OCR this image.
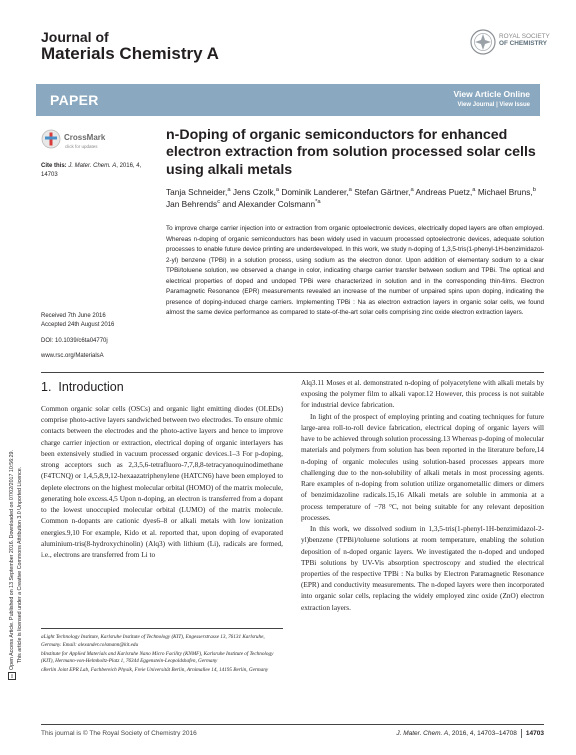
Journal of
Materials Chemistry A
ROYAL SOCIETY
OF CHEMISTRY
PAPER	View Article Online
View Journal | View Issue
CrossMark
click for updates
Cite this: J. Mater. Chem. A, 2016, 4, 14703
n-Doping of organic semiconductors for enhanced electron extraction from solution processed solar cells using alkali metals
Tanja Schneider,$^a$ Jens Czolk,$^a$ Dominik Landerer,$^a$ Stefan Gärtner,$^a$ Andreas Puetz,$^a$ Michael Bruns,$^b$ Jan Behrends$^c$ and Alexander Colsmann$^{*a}$
To improve charge carrier injection into or extraction from organic optoelectronic devices, electrically doped layers are often employed. Whereas n-doping of organic semiconductors has been widely used in vacuum processed optoelectronic devices, adequate solution processes to enable future device printing are underdeveloped. In this work, we study n-doping of 1,3,5-tris(1-phenyl-1H-benzimidazol-2-yl) benzene (TPBi) in a solution process, using sodium as the electron donor. Upon addition of elementary sodium to a clear TPBi/toluene solution, we observed a change in color, indicating charge carrier transfer between sodium and TPBi. The optical and electrical properties of doped and undoped TPBi were characterized in solution and in the corresponding thin-films. Electron Paramagnetic Resonance (EPR) measurements revealed an increase of the number of unpaired spins upon doping, indicating the presence of doping-induced charge carriers. Implementing TPBi : Na as electron extraction layers in organic solar cells, we found almost the same device performance as compared to state-of-the-art solar cells comprising zinc oxide electron extraction layers.
Received 7th June 2016
Accepted 24th August 2016
DOI: 10.1039/c6ta04770j
www.rsc.org/MaterialsA
ccOpen Access Article. Published on 13 September 2016. Downloaded on 07/02/2017 10:56:29. This article is licensed under a Creative Commons Attribution 3.0 Unported Licence.
1. Introduction

Common organic solar cells (OSCs) and organic light emitting diodes (OLEDs) comprise photo-active layers sandwiched between two electrodes. To ensure ohmic contacts between the electrodes and the photo-active layers and hence to improve charge carrier injection or extraction, electrical doping of organic interlayers has been extensively studied in vacuum processed organic devices.1–3 For p-doping, strong acceptors such as 2,3,5,6-tetrafluoro-7,7,8,8-tetracyanoquinodimethane (F4TCNQ) or 1,4,5,8,9,12-hexaazatriphenylene (HATCN6) have been employed to deplete electrons on the highest molecular orbital (HOMO) of the matrix molecule, generating hole excess.4,5 Upon n-doping, an electron is transferred from a dopant to the lowest unoccupied molecular orbital (LUMO) of the matrix molecule. Common n-dopants are cationic dyes6–8 or alkali metals with low ionization energies.9,10 For example, Kido et al. reported that, upon doping of evaporated aluminium-tris(8-hydroxychinolin) (Alq3) with lithium (Li), radicals are formed, i.e., electrons are transferred from Li to

Alq3.11 Moses et al. demonstrated n-doping of polyacetylene with alkali metals by exposing the polymer film to alkali vapor.12 However, this process is not suitable for industrial device fabrication.

In light of the prospect of employing printing and coating techniques for future large-area roll-to-roll device fabrication, electrical doping of organic layers will have to be achieved through solution processing.13 Whereas p-doping of molecular materials and polymers from solution has been reported in the literature before,14 n-doping of organic molecules using solution-based processes appears more challenging due to the non-solubility of alkali metals in most processing agents. Rare examples of n-doping from solution utilize organometallic dimers or dimers of benzimidazoline radicals.15,16 Alkali metals are soluble in ammonia at a process temperature of −78 °C, not being suitable for any relevant deposition processes.

In this work, we dissolved sodium in 1,3,5-tris(1-phenyl-1H-benzimidazol-2-yl)benzene (TPBi)/toluene solutions at room temperature, enabling the solution deposition of n-doped organic layers. We investigated the n-doped and undoped TPBi solutions by UV-Vis absorption spectroscopy and studied the electrical properties of the respective TPBi : Na bulks by Electron Paramagnetic Resonance (EPR) and conductivity measurements. The n-doped layers were then incorporated into organic solar cells, replacing the widely employed zinc oxide (ZnO) electron extraction layers.

aLight Technology Institute, Karlsruhe Institute of Technology (KIT), Engesserstrasse 13, 76131 Karlsruhe, Germany. Email: alexander.colsmann@kit.edu

bInstitute for Applied Materials and Karlsruhe Nano Micro Facility (KNMF), Karlsruhe Institute of Technology (KIT), Hermann-von-Helmholtz-Platz 1, 76344 Eggenstein-Leopoldshafen, Germany

cBerlin Joint EPR Lab, Fachbereich Physik, Freie Universität Berlin, Arnimallee 14, 14195 Berlin, Germany

This journal is © The Royal Society of Chemistry 2016	J. Mater. Chem. A, 2016, 4, 14703–14708 14703
